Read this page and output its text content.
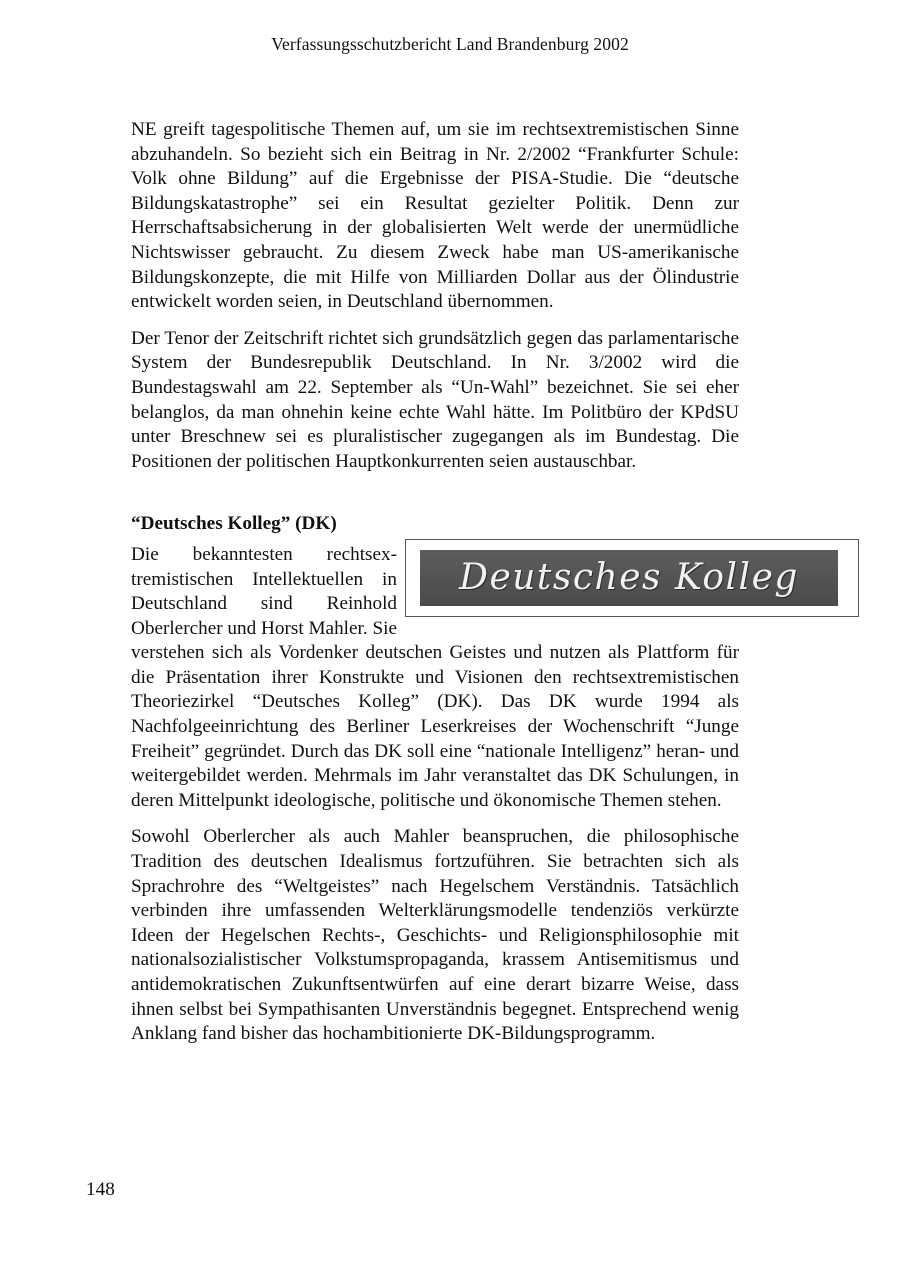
Verfassungsschutzbericht Land Brandenburg 2002

NE greift tagespolitische Themen auf, um sie im rechtsextremistischen Sinne abzuhandeln. So bezieht sich ein Beitrag in Nr. 2/2002 “Frankfurter Schule: Volk ohne Bildung” auf die Ergebnisse der PISA-Studie. Die “deutsche Bildungskatastrophe” sei ein Resultat gezielter Politik. Denn zur Herrschaftsabsicherung in der globalisierten Welt werde der unermüdliche Nichtswisser gebraucht. Zu diesem Zweck habe man US-amerikanische Bildungskonzepte, die mit Hilfe von Milliarden Dollar aus der Ölindustrie entwickelt worden seien, in Deutschland übernommen.

Der Tenor der Zeitschrift richtet sich grundsätzlich gegen das parlamentarische System der Bundesrepublik Deutschland. In Nr. 3/2002 wird die Bundestagswahl am 22. September als “Un-Wahl” bezeichnet. Sie sei eher belanglos, da man ohnehin keine echte Wahl hätte. Im Politbüro der KPdSU unter Breschnew sei es pluralistischer zugegangen als im Bundestag. Die Positionen der politischen Hauptkonkurrenten seien austauschbar.

“Deutsches Kolleg” (DK)
Deutsches Kolleg

Die bekanntesten rechtsextremistischen Intellektuellen in Deutschland sind Reinhold Oberlercher und Horst Mahler. Sie verstehen sich als Vordenker deutschen Geistes und nutzen als Plattform für die Präsentation ihrer Konstrukte und Visionen den rechtsextremistischen Theoriezirkel “Deutsches Kolleg” (DK). Das DK wurde 1994 als Nachfolgeeinrichtung des Berliner Leserkreises der Wochenschrift “Junge Freiheit” gegründet. Durch das DK soll eine “nationale Intelligenz” heran- und weitergebildet werden. Mehrmals im Jahr veranstaltet das DK Schulungen, in deren Mittelpunkt ideologische, politische und ökonomische Themen stehen.

Sowohl Oberlercher als auch Mahler beanspruchen, die philosophische Tradition des deutschen Idealismus fortzuführen. Sie betrachten sich als Sprachrohre des “Weltgeistes” nach Hegelschem Verständnis. Tatsächlich verbinden ihre umfassenden Welterklärungsmodelle tendenziös verkürzte Ideen der Hegelschen Rechts-, Geschichts- und Religionsphilosophie mit nationalsozialistischer Volkstumspropaganda, krassem Antisemitismus und antidemokratischen Zukunftsentwürfen auf eine derart bizarre Weise, dass ihnen selbst bei Sympathisanten Unverständnis begegnet. Entsprechend wenig Anklang fand bisher das hochambitionierte DK-Bildungsprogramm.

148
